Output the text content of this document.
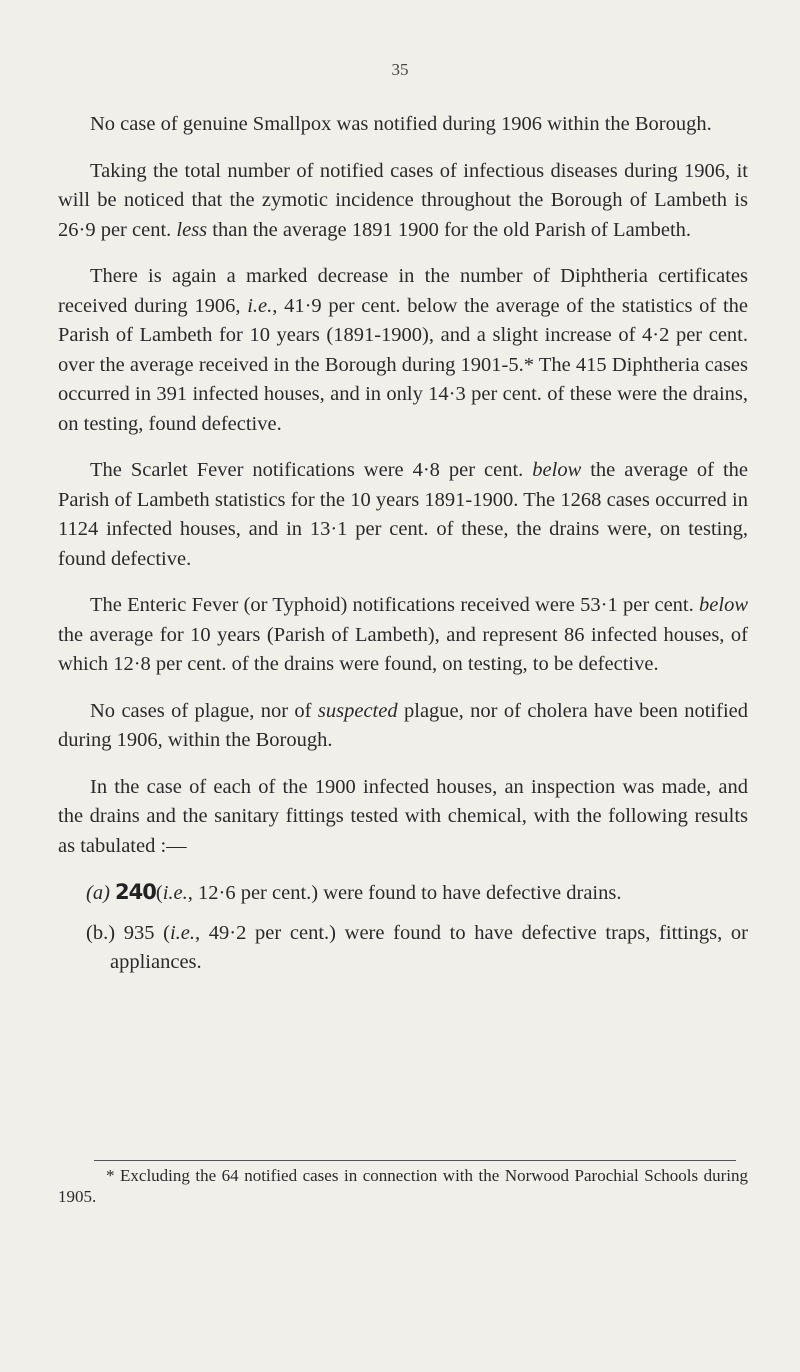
35

No case of genuine Smallpox was notified during 1906 within the Borough.

Taking the total number of notified cases of infectious diseases during 1906, it will be noticed that the zymotic incidence throughout the Borough of Lambeth is 26·9 per cent. less than the average 1891 1900 for the old Parish of Lambeth.

There is again a marked decrease in the number of Diphtheria certificates received during 1906, i.e., 41·9 per cent. below the average of the statistics of the Parish of Lambeth for 10 years (1891-1900), and a slight increase of 4·2 per cent. over the average received in the Borough during 1901-5.* The 415 Diphtheria cases occurred in 391 infected houses, and in only 14·3 per cent. of these were the drains, on testing, found defective.

The Scarlet Fever notifications were 4·8 per cent. below the average of the Parish of Lambeth statistics for the 10 years 1891-1900. The 1268 cases occurred in 1124 infected houses, and in 13·1 per cent. of these, the drains were, on testing, found defective.

The Enteric Fever (or Typhoid) notifications received were 53·1 per cent. below the average for 10 years (Parish of Lambeth), and represent 86 infected houses, of which 12·8 per cent. of the drains were found, on testing, to be defective.

No cases of plague, nor of suspected plague, nor of cholera have been notified during 1906, within the Borough.

In the case of each of the 1900 infected houses, an inspection was made, and the drains and the sanitary fittings tested with chemical, with the following results as tabulated :—

(a) 240(i.e., 12·6 per cent.) were found to have defective drains.
(b.) 935 (i.e., 49·2 per cent.) were found to have defective traps, fittings, or appliances.
* Excluding the 64 notified cases in connection with the Norwood Parochial Schools during 1905.
